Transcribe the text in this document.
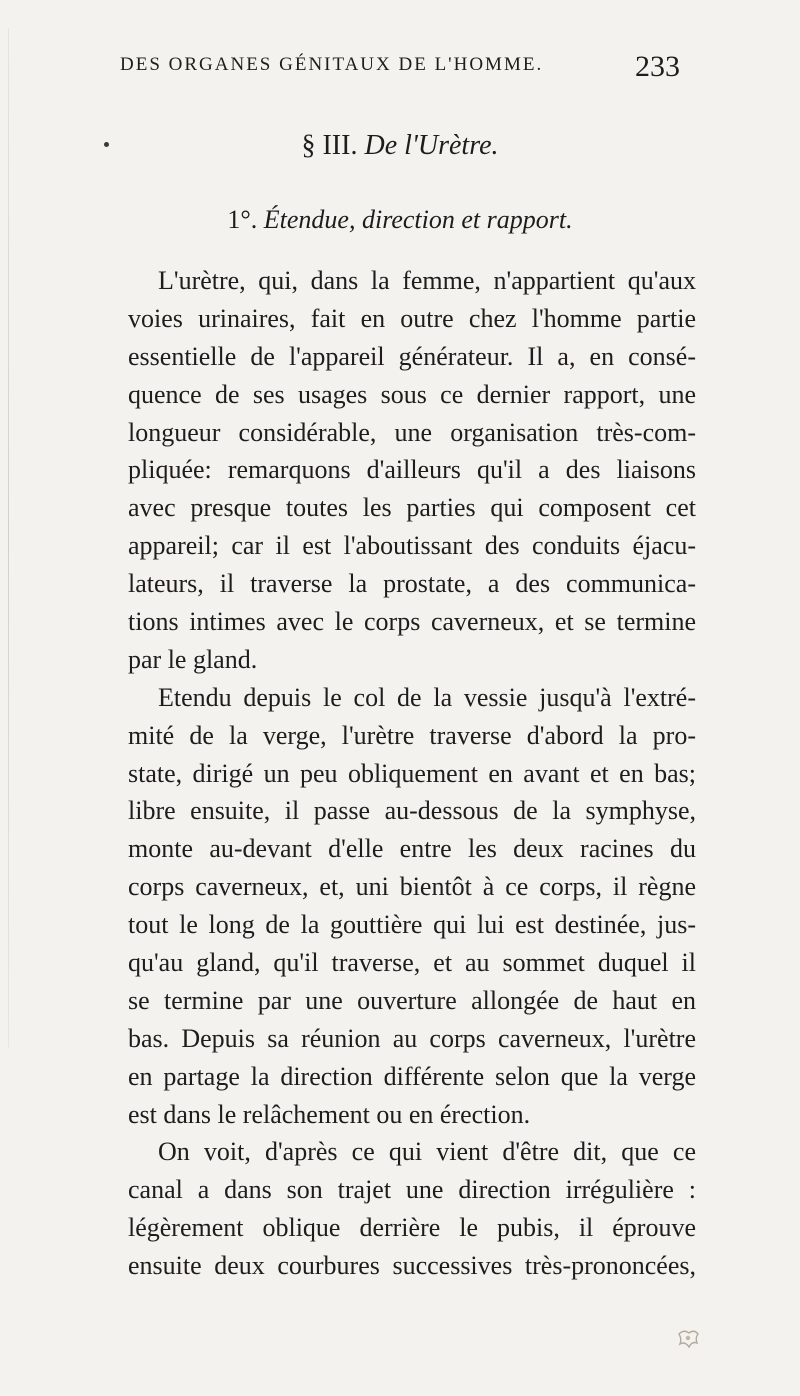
DES ORGANES GÉNITAUX DE L'HOMME.	233
§ III. De l'Urètre.
1°. Étendue, direction et rapport.
L'urètre, qui, dans la femme, n'appartient qu'aux
voies urinaires, fait en outre chez l'homme partie
essentielle de l'appareil générateur. Il a, en consé-
quence de ses usages sous ce dernier rapport, une
longueur considérable, une organisation très-com-
pliquée: remarquons d'ailleurs qu'il a des liaisons
avec presque toutes les parties qui composent cet
appareil; car il est l'aboutissant des conduits éjacu-
lateurs, il traverse la prostate, a des communica-
tions intimes avec le corps caverneux, et se termine
par le gland.
Etendu depuis le col de la vessie jusqu'à l'extré-
mité de la verge, l'urètre traverse d'abord la pro-
state, dirigé un peu obliquement en avant et en bas;
libre ensuite, il passe au-dessous de la symphyse,
monte au-devant d'elle entre les deux racines du
corps caverneux, et, uni bientôt à ce corps, il règne
tout le long de la gouttière qui lui est destinée, jus-
qu'au gland, qu'il traverse, et au sommet duquel il
se termine par une ouverture allongée de haut en
bas. Depuis sa réunion au corps caverneux, l'urètre
en partage la direction différente selon que la verge
est dans le relâchement ou en érection.
On voit, d'après ce qui vient d'être dit, que ce
canal a dans son trajet une direction irrégulière :
légèrement oblique derrière le pubis, il éprouve
ensuite deux courbures successives très-prononcées,
